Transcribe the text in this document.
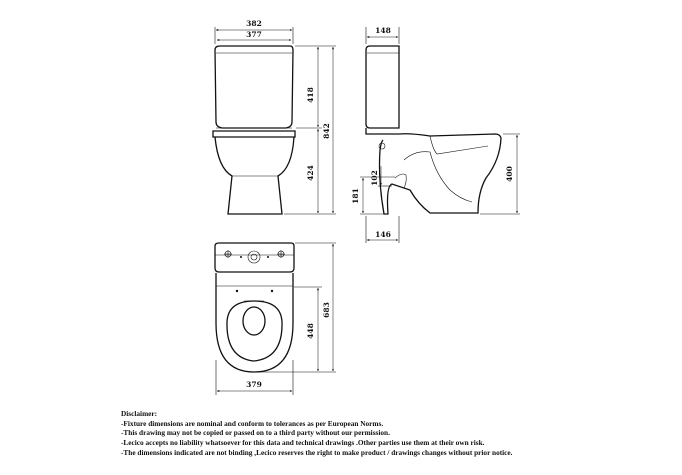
382
377
418
424
842
148
400
181
102
146
448
683
379
Disclaimer:
-Fixture dimensions are nominal and conform to tolerances as per European Norms.
-This drawing may not be copied or passed on to a third party without our permission.
-Lecico accepts no liability whatsoever for this data and technical drawings .Other parties use them at their own risk.
-The dimensions indicated are not binding ,Lecico reserves the right to make product / drawings changes without prior notice.
